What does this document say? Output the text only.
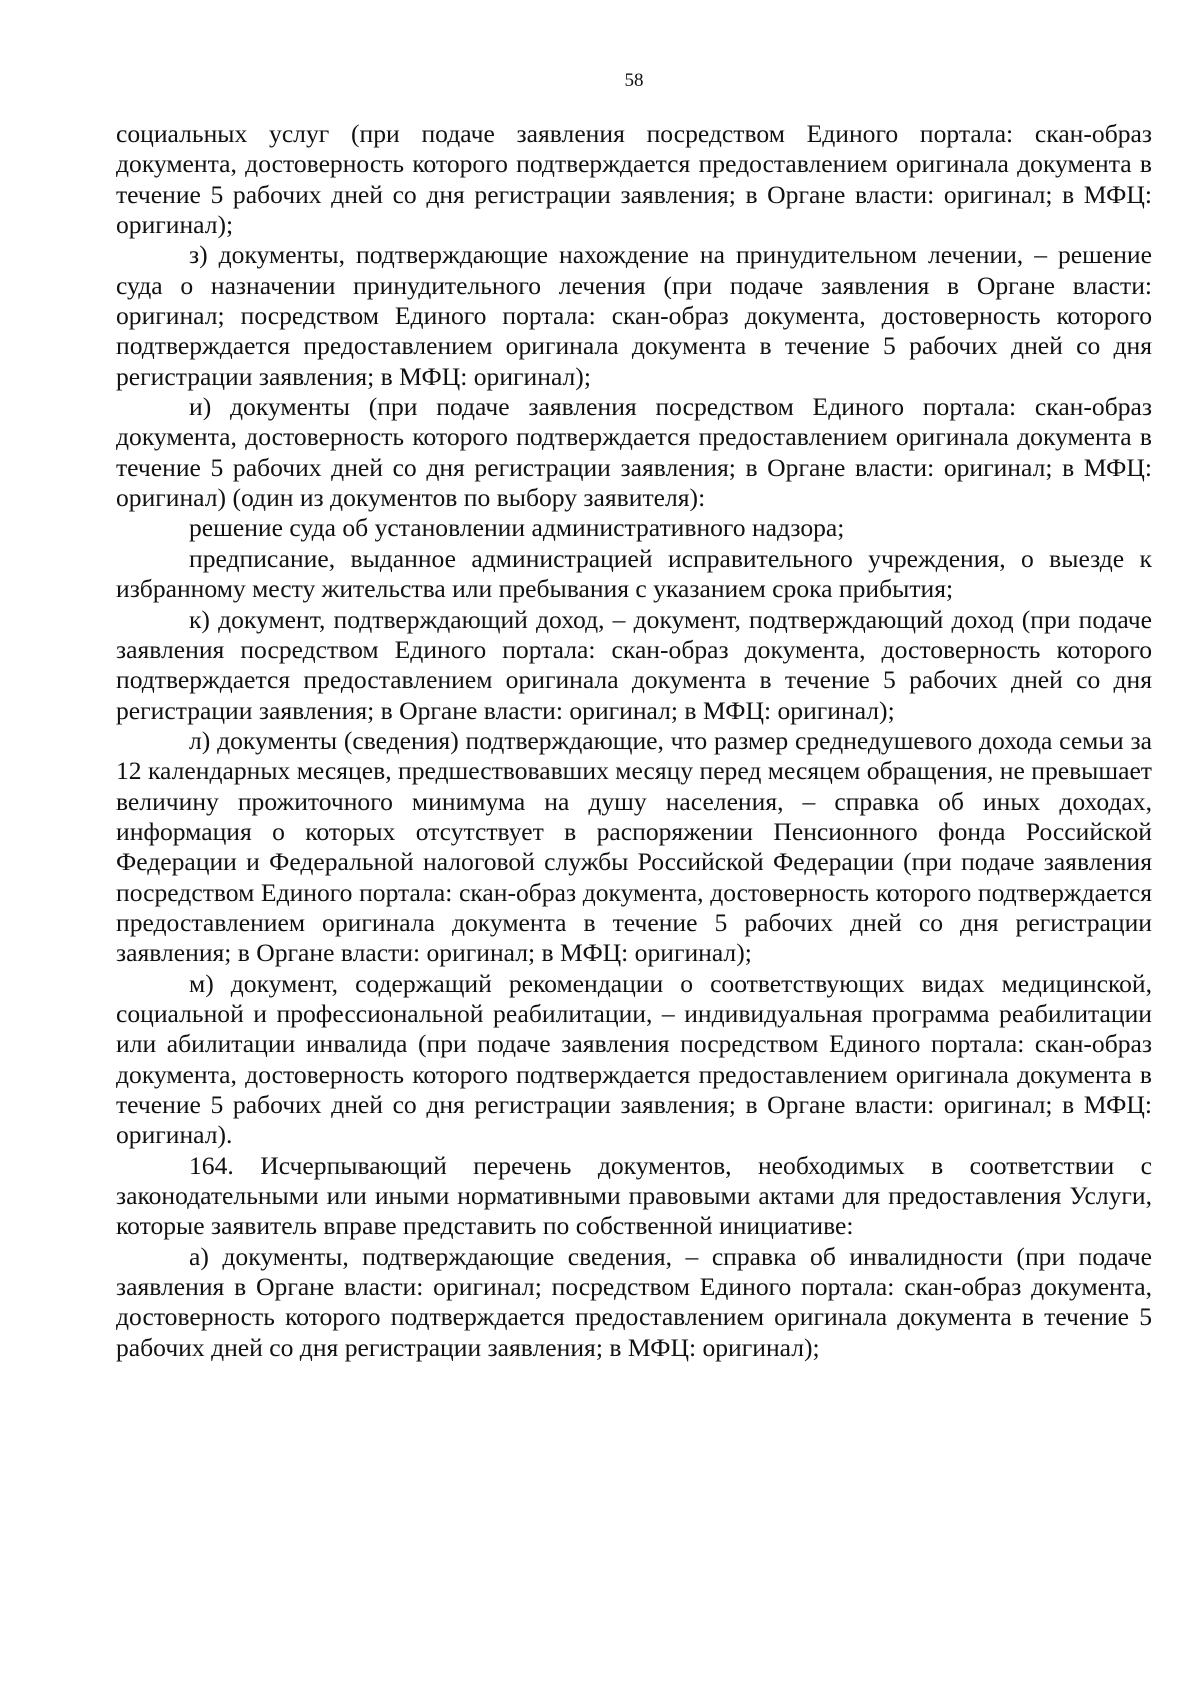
58

социальных услуг (при подаче заявления посредством Единого портала: скан-образ документа, достоверность которого подтверждается предоставлением оригинала документа в течение 5 рабочих дней со дня регистрации заявления; в Органе власти: оригинал; в МФЦ: оригинал);

з) документы, подтверждающие нахождение на принудительном лечении, – решение суда о назначении принудительного лечения (при подаче заявления в Органе власти: оригинал; посредством Единого портала: скан-образ документа, достоверность которого подтверждается предоставлением оригинала документа в течение 5 рабочих дней со дня регистрации заявления; в МФЦ: оригинал);

и) документы (при подаче заявления посредством Единого портала: скан-образ документа, достоверность которого подтверждается предоставлением оригинала документа в течение 5 рабочих дней со дня регистрации заявления; в Органе власти: оригинал; в МФЦ: оригинал) (один из документов по выбору заявителя):

решение суда об установлении административного надзора;

предписание, выданное администрацией исправительного учреждения, о выезде к избранному месту жительства или пребывания с указанием срока прибытия;

к) документ, подтверждающий доход, – документ, подтверждающий доход (при подаче заявления посредством Единого портала: скан-образ документа, достоверность которого подтверждается предоставлением оригинала документа в течение 5 рабочих дней со дня регистрации заявления; в Органе власти: оригинал; в МФЦ: оригинал);

л) документы (сведения) подтверждающие, что размер среднедушевого дохода семьи за 12 календарных месяцев, предшествовавших месяцу перед месяцем обращения, не превышает величину прожиточного минимума на душу населения, – справка об иных доходах, информация о которых отсутствует в распоряжении Пенсионного фонда Российской Федерации и Федеральной налоговой службы Российской Федерации (при подаче заявления посредством Единого портала: скан-образ документа, достоверность которого подтверждается предоставлением оригинала документа в течение 5 рабочих дней со дня регистрации заявления; в Органе власти: оригинал; в МФЦ: оригинал);

м) документ, содержащий рекомендации о соответствующих видах медицинской, социальной и профессиональной реабилитации, – индивидуальная программа реабилитации или абилитации инвалида (при подаче заявления посредством Единого портала: скан-образ документа, достоверность которого подтверждается предоставлением оригинала документа в течение 5 рабочих дней со дня регистрации заявления; в Органе власти: оригинал; в МФЦ: оригинал).

164. Исчерпывающий перечень документов, необходимых в соответствии с законодательными или иными нормативными правовыми актами для предоставления Услуги, которые заявитель вправе представить по собственной инициативе:

а) документы, подтверждающие сведения, – справка об инвалидности (при подаче заявления в Органе власти: оригинал; посредством Единого портала: скан-образ документа, достоверность которого подтверждается предоставлением оригинала документа в течение 5 рабочих дней со дня регистрации заявления; в МФЦ: оригинал);
